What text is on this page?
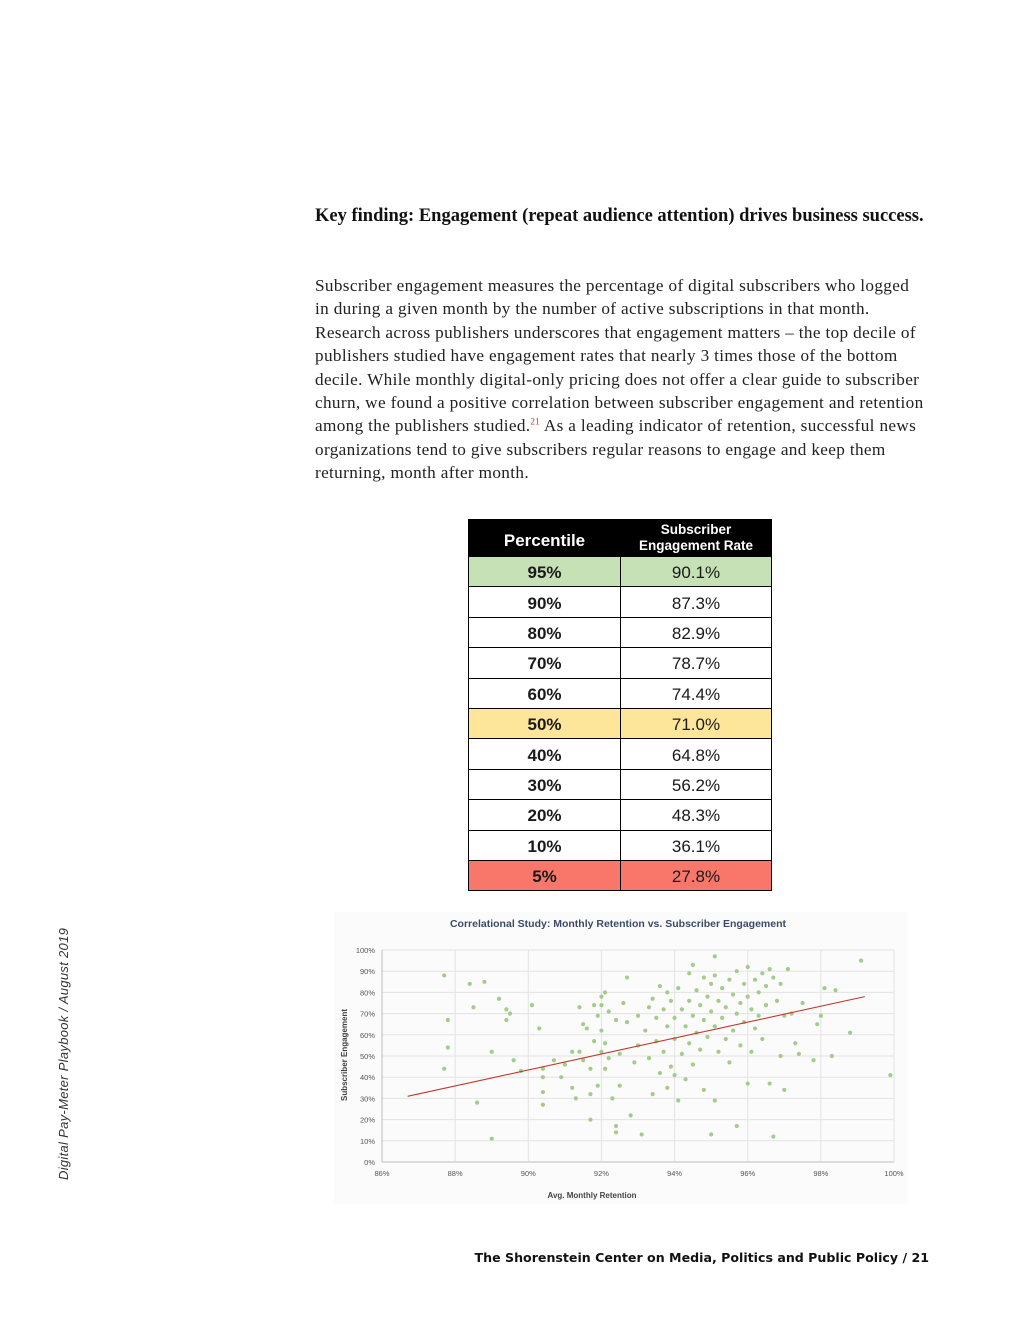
Digital Pay-Meter Playbook / August 2019
Key finding: Engagement (repeat audience attention) drives business success.

Subscriber engagement measures the percentage of digital subscribers who logged in during a given month by the number of active subscriptions in that month. Research across publishers underscores that engagement matters – the top decile of publishers studied have engagement rates that nearly 3 times those of the bottom decile. While monthly digital-only pricing does not offer a clear guide to subscriber churn, we found a positive correlation between subscriber engagement and retention among the publishers studied.$^{21}$ As a leading indicator of retention, successful news organizations tend to give subscribers regular reasons to engage and keep them returning, month after month.

Percentile	Subscriber
Engagement Rate
95%	90.1%
90%	87.3%
80%	82.9%
70%	78.7%
60%	74.4%
50%	71.0%
40%	64.8%
30%	56.2%
20%	48.3%
10%	36.1%
5%	27.8%
Correlational Study: Monthly Retention vs. Subscriber Engagement
0%
10%
20%
30%
40%
50%
60%
70%
80%
90%
100%
86%	88%	90%	92%	94%	96%	98%	100%
Avg. Monthly Retention
Subscriber Engagement
The Shorenstein Center on Media, Politics and Public Policy / 21
